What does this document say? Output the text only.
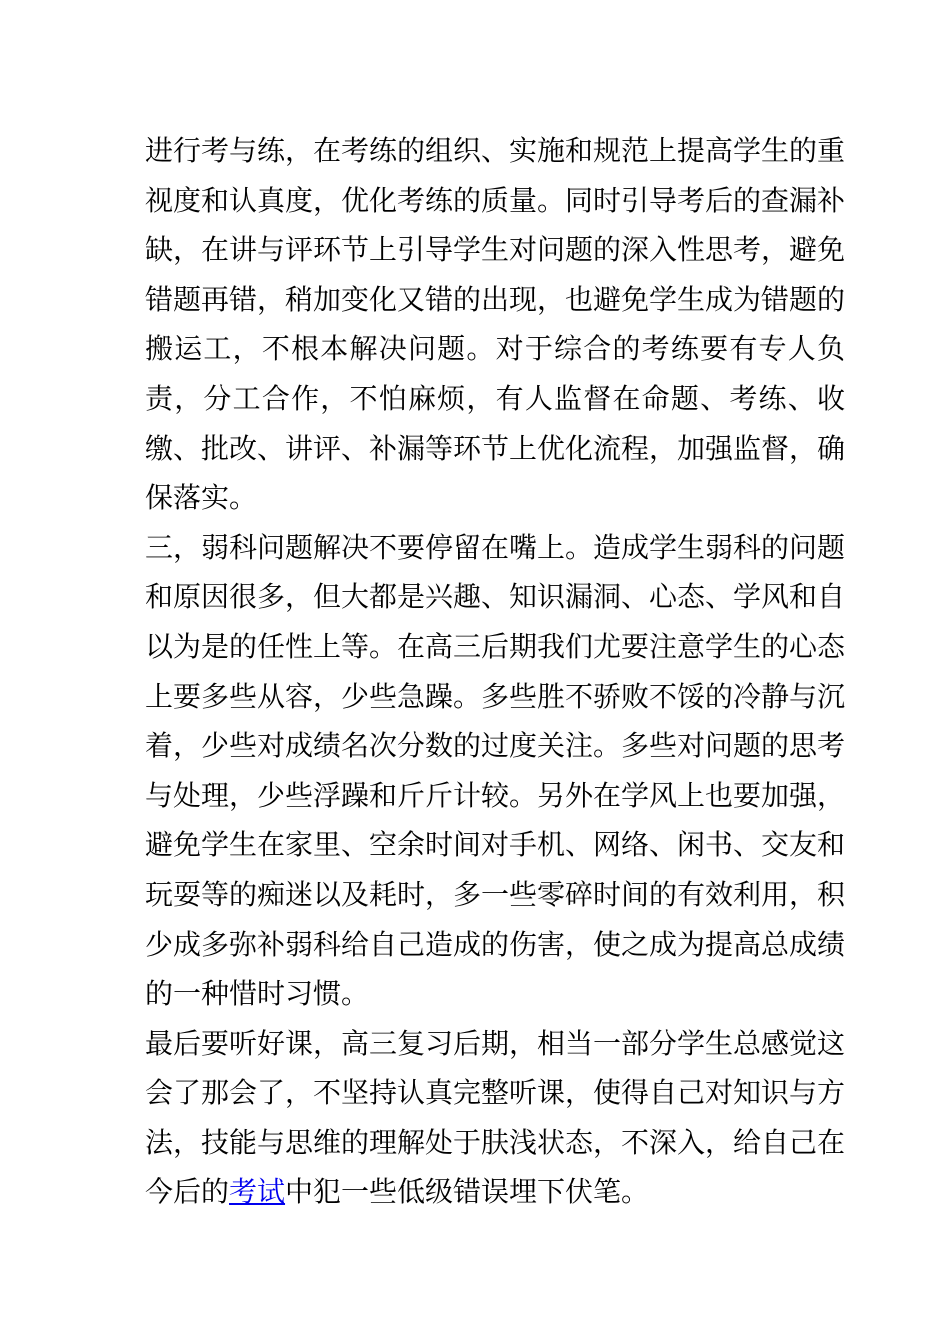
进行考与练，在考练的组织、实施和规范上提高学生的重视度和认真度，优化考练的质量。同时引导考后的查漏补缺，在讲与评环节上引导学生对问题的深入性思考，避免错题再错，稍加变化又错的出现，也避免学生成为错题的搬运工，不根本解决问题。对于综合的考练要有专人负责，分工合作，不怕麻烦，有人监督在命题、考练、收缴、批改、讲评、补漏等环节上优化流程，加强监督，确保落实。

三，弱科问题解决不要停留在嘴上。造成学生弱科的问题和原因很多，但大都是兴趣、知识漏洞、心态、学风和自以为是的任性上等。在高三后期我们尤要注意学生的心态上要多些从容，少些急躁。多些胜不骄败不馁的冷静与沉着，少些对成绩名次分数的过度关注。多些对问题的思考与处理，少些浮躁和斤斤计较。另外在学风上也要加强，避免学生在家里、空余时间对手机、网络、闲书、交友和玩耍等的痴迷以及耗时，多一些零碎时间的有效利用，积少成多弥补弱科给自己造成的伤害，使之成为提高总成绩的一种惜时习惯。

最后要听好课，高三复习后期，相当一部分学生总感觉这会了那会了，不坚持认真完整听课，使得自己对知识与方法，技能与思维的理解处于肤浅状态，不深入，给自己在今后的考试中犯一些低级错误埋下伏笔。
